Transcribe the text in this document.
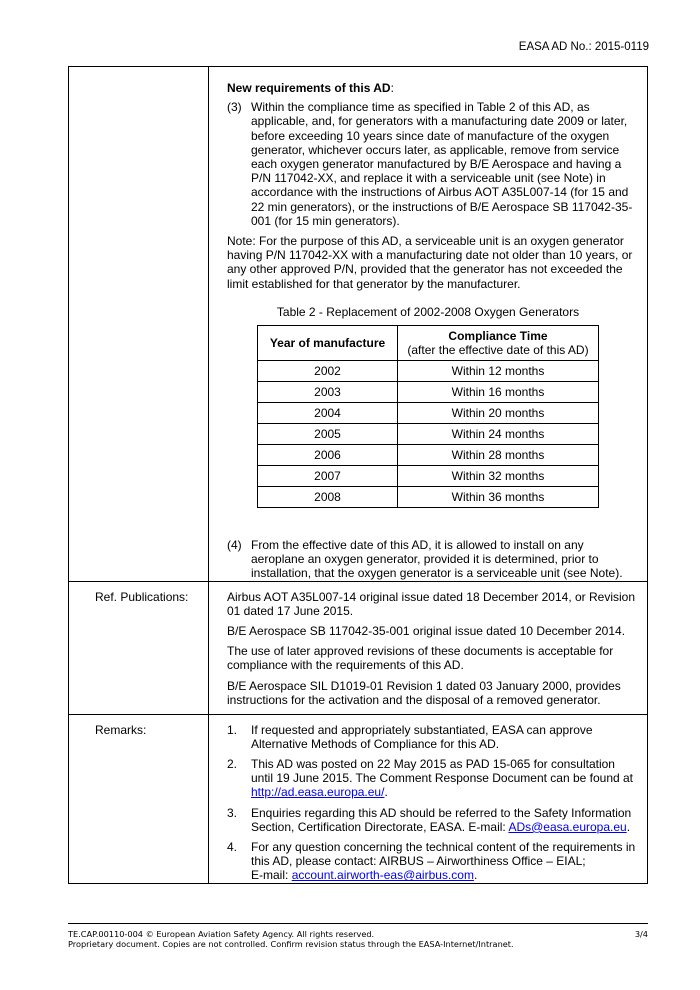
EASA AD No.: 2015-0119

New requirements of this AD:

(3) Within the compliance time as specified in Table 2 of this AD, as applicable, and, for generators with a manufacturing date 2009 or later, before exceeding 10 years since date of manufacture of the oxygen generator, whichever occurs later, as applicable, remove from service each oxygen generator manufactured by B/E Aerospace and having a P/N 117042-XX, and replace it with a serviceable unit (see Note) in accordance with the instructions of Airbus AOT A35L007-14 (for 15 and 22 min generators), or the instructions of B/E Aerospace SB 117042-35-001 (for 15 min generators).

Note: For the purpose of this AD, a serviceable unit is an oxygen generator having P/N 117042-XX with a manufacturing date not older than 10 years, or any other approved P/N, provided that the generator has not exceeded the limit established for that generator by the manufacturer.

Table 2 - Replacement of 2002-2008 Oxygen Generators

Year of manufacture	Compliance Time
(after the effective date of this AD)

2002	Within 12 months
2003	Within 16 months
2004	Within 20 months
2005	Within 24 months
2006	Within 28 months
2007	Within 32 months
2008	Within 36 months
(4) From the effective date of this AD, it is allowed to install on any aeroplane an oxygen generator, provided it is determined, prior to installation, that the oxygen generator is a serviceable unit (see Note).

Ref. Publications:	Airbus AOT A35L007-14 original issue dated 18 December 2014, or Revision 01 dated 17 June 2015.

B/E Aerospace SB 117042-35-001 original issue dated 10 December 2014.

The use of later approved revisions of these documents is acceptable for compliance with the requirements of this AD.

B/E Aerospace SIL D1019-01 Revision 1 dated 03 January 2000, provides instructions for the activation and the disposal of a removed generator.

Remarks:	1.	If requested and appropriately substantiated, EASA can approve Alternative Methods of Compliance for this AD.
2.	This AD was posted on 22 May 2015 as PAD 15-065 for consultation until 19 June 2015. The Comment Response Document can be found at http://ad.easa.europa.eu/.
3.	Enquiries regarding this AD should be referred to the Safety Information Section, Certification Directorate, EASA. E-mail: ADs@easa.europa.eu.
4.	For any question concerning the technical content of the requirements in this AD, please contact: AIRBUS – Airworthiness Office – EIAL;
E-mail: account.airworth-eas@airbus.com.
TE.CAP.00110-004 © European Aviation Safety Agency. All rights reserved.
Proprietary document. Copies are not controlled. Confirm revision status through the EASA-Internet/Intranet.
3/4
